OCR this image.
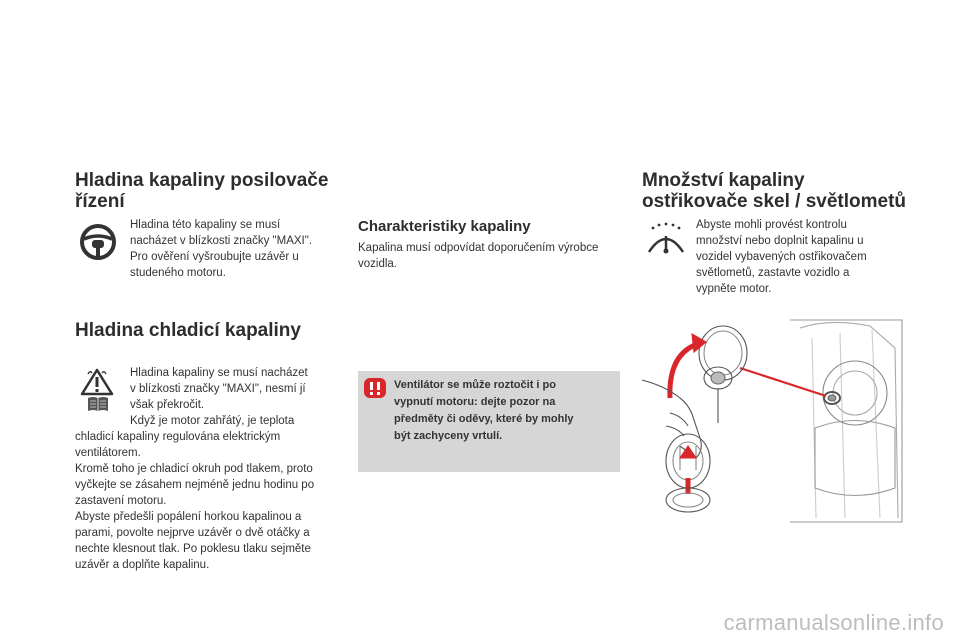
Hladina kapaliny posilovače
řízení

Hladina této kapaliny se musí

nacházet v blízkosti značky "MAXI".

Pro ověření vyšroubujte uzávěr u

studeného motoru.

Hladina chladicí kapaliny

Hladina kapaliny se musí nacházet

v blízkosti značky "MAXI", nesmí jí

však překročit.

Když je motor zahřátý, je teplota

chladicí kapaliny regulována elektrickým

ventilátorem.

Kromě toho je chladicí okruh pod tlakem, proto

vyčkejte se zásahem nejméně jednu hodinu po

zastavení motoru.

Abyste předešli popálení horkou kapalinou a

parami, povolte nejprve uzávěr o dvě otáčky a

nechte klesnout tlak. Po poklesu tlaku sejměte

uzávěr a doplňte kapalinu.

Charakteristiky kapaliny

Kapalina musí odpovídat doporučením výrobce

vozidla.

Ventilátor se může roztočit i po
vypnutí motoru: dejte pozor na
předměty či oděvy, které by mohly
být zachyceny vrtulí.
Množství kapaliny
ostřikovače skel / světlometů

Abyste mohli provést kontrolu

množství nebo doplnit kapalinu u

vozidel vybavených ostřikovačem

světlometů, zastavte vozidlo a

vypněte motor.

carmanualsonline.info
